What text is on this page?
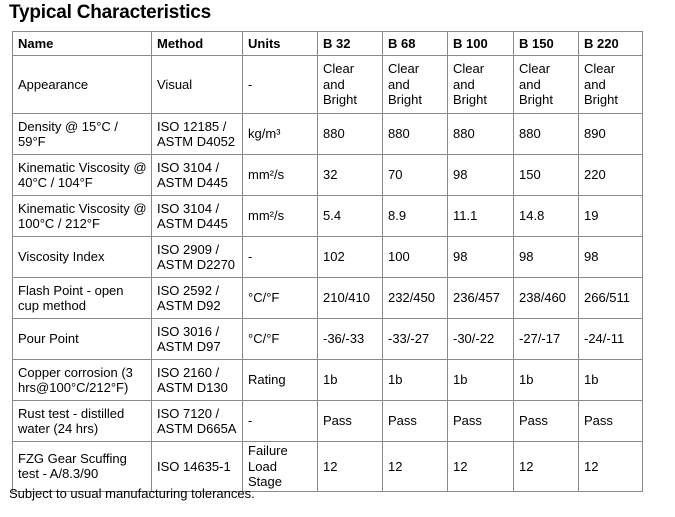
Typical Characteristics
Name	Method	Units	B 32	B 68	B 100	B 150	B 220
Appearance	Visual	-	Clear and Bright	Clear and Bright	Clear and Bright	Clear and Bright	Clear and Bright
Density @ 15°C / 59°F	ISO 12185 / ASTM D4052	kg/m³	880	880	880	880	890
Kinematic Viscosity @ 40°C / 104°F	ISO 3104 / ASTM D445	mm²/s	32	70	98	150	220
Kinematic Viscosity @ 100°C / 212°F	ISO 3104 / ASTM D445	mm²/s	5.4	8.9	11.1	14.8	19
Viscosity Index	ISO 2909 / ASTM D2270	-	102	100	98	98	98
Flash Point - open cup method	ISO 2592 / ASTM D92	°C/°F	210/410	232/450	236/457	238/460	266/511
Pour Point	ISO 3016 / ASTM D97	°C/°F	-36/-33	-33/-27	-30/-22	-27/-17	-24/-11
Copper corrosion (3 hrs@100°C/212°F)	ISO 2160 / ASTM D130	Rating	1b	1b	1b	1b	1b
Rust test - distilled water (24 hrs)	ISO 7120 / ASTM D665A	-	Pass	Pass	Pass	Pass	Pass
FZG Gear Scuffing test - A/8.3/90	ISO 14635-1	Failure Load Stage	12	12	12	12	12
Subject to usual manufacturing tolerances.
